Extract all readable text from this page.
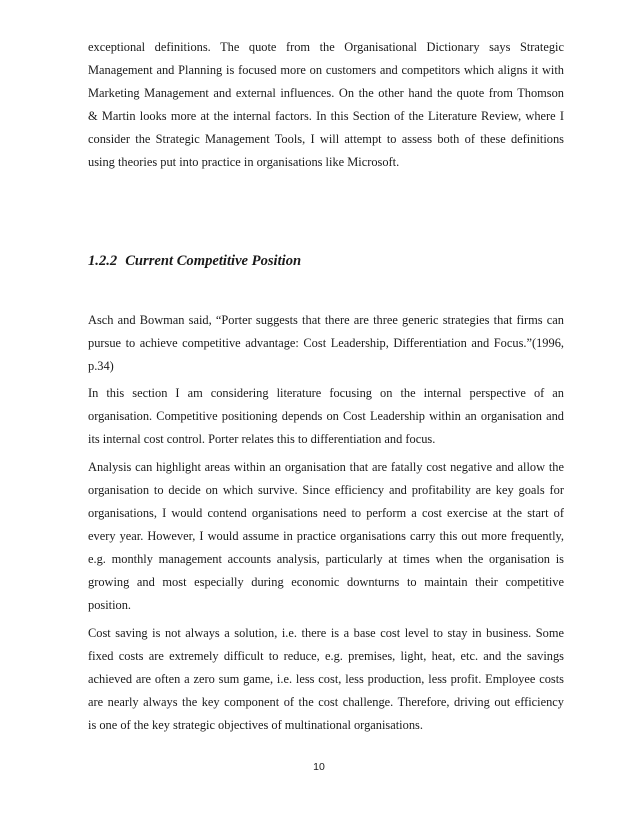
exceptional definitions. The quote from the Organisational Dictionary says Strategic
Management and Planning is focused more on customers and competitors which aligns it with
Marketing Management and external influences. On the other hand the quote from Thomson
& Martin looks more at the internal factors. In this Section of the Literature Review, where I
consider the Strategic Management Tools, I will attempt to assess both of these definitions
using theories put into practice in organisations like Microsoft.
1.2.2 Current Competitive Position
Asch and Bowman said, “Porter suggests that there are three generic strategies that firms can
pursue to achieve competitive advantage: Cost Leadership, Differentiation and Focus.”(1996,
p.34)
In this section I am considering literature focusing on the internal perspective of an
organisation. Competitive positioning depends on Cost Leadership within an organisation and
its internal cost control. Porter relates this to differentiation and focus.
Analysis can highlight areas within an organisation that are fatally cost negative and allow the
organisation to decide on which survive. Since efficiency and profitability are key goals for
organisations, I would contend organisations need to perform a cost exercise at the start of
every year. However, I would assume in practice organisations carry this out more frequently,
e.g. monthly management accounts analysis, particularly at times when the organisation is
growing and most especially during economic downturns to maintain their competitive
position.
Cost saving is not always a solution, i.e. there is a base cost level to stay in business. Some
fixed costs are extremely difficult to reduce, e.g. premises, light, heat, etc. and the savings
achieved are often a zero sum game, i.e. less cost, less production, less profit. Employee costs
are nearly always the key component of the cost challenge. Therefore, driving out efficiency
is one of the key strategic objectives of multinational organisations.
10
